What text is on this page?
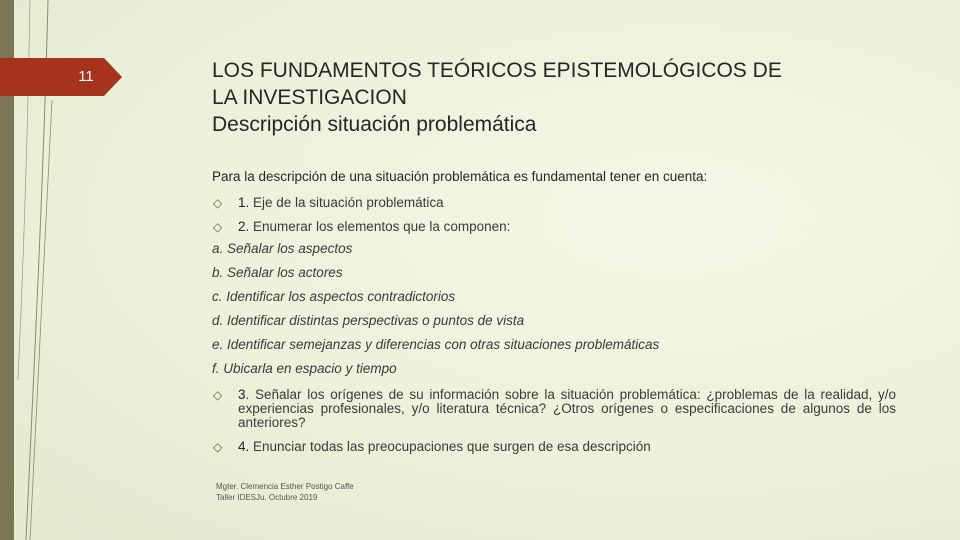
11	LOS FUNDAMENTOS TEÓRICOS EPISTEMOLÓGICOS DE
LA INVESTIGACION
Descripción situación problemática
Para la descripción de una situación problemática es fundamental tener en cuenta:
◇ 1. Eje de la situación problemática
◇ 2. Enumerar los elementos que la componen:
a. Señalar los aspectos
b. Señalar los actores
c. Identificar los aspectos contradictorios
d. Identificar distintas perspectivas o puntos de vista
e. Identificar semejanzas y diferencias con otras situaciones problemáticas
f. Ubicarla en espacio y tiempo
◇ 3. Señalar los orígenes de su información sobre la situación problemática: ¿problemas de la realidad, y/o experiencias profesionales, y/o literatura técnica? ¿Otros orígenes o especificaciones de algunos de los anteriores?
◇ 4. Enunciar todas las preocupaciones que surgen de esa descripción
Mgter. Clemencia Esther Postigo Caffe
Taller IDESJu. Octubre 2019
